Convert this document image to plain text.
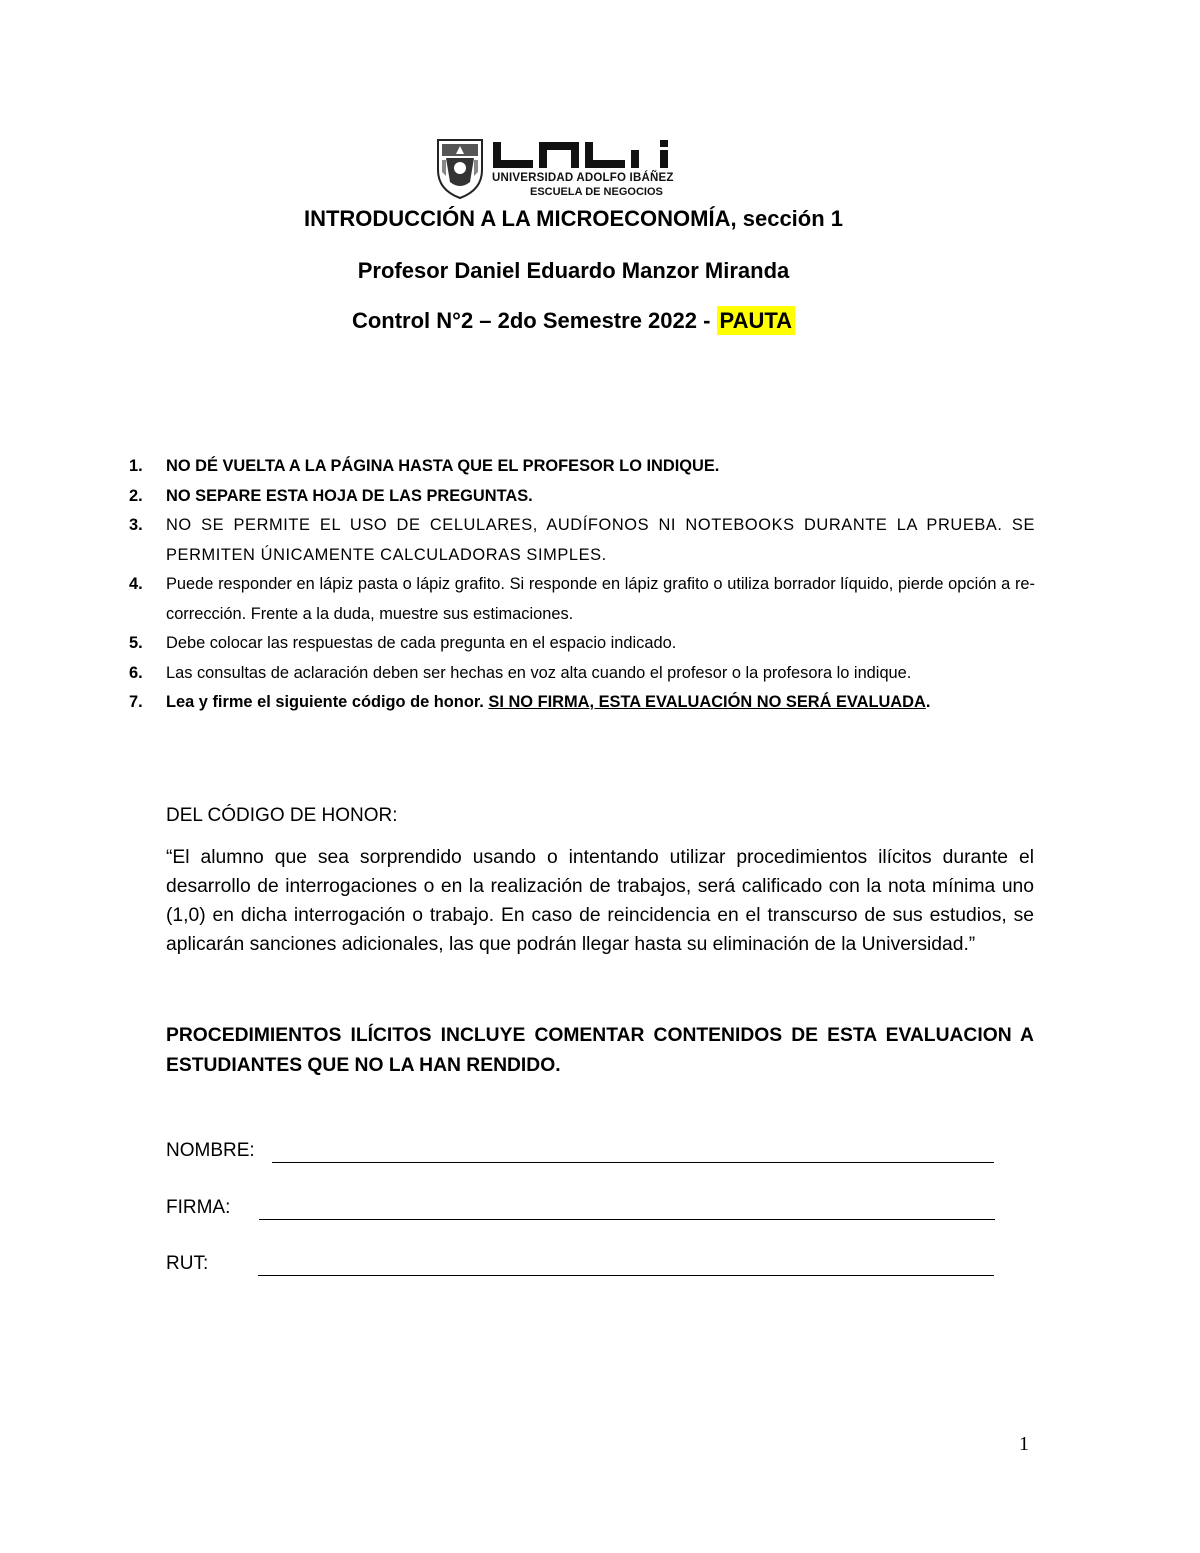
UNIVERSIDAD ADOLFO IBÁÑEZ
ESCUELA DE NEGOCIOS
INTRODUCCIÓN A LA MICROECONOMÍA, sección 1
Profesor Daniel Eduardo Manzor Miranda
Control N°2 – 2do Semestre 2022 - PAUTA
1.	NO DÉ VUELTA A LA PÁGINA HASTA QUE EL PROFESOR LO INDIQUE.
2.	NO SEPARE ESTA HOJA DE LAS PREGUNTAS.
3.	NO SE PERMITE EL USO DE CELULARES, AUDÍFONOS NI NOTEBOOKS DURANTE LA PRUEBA. SE PERMITEN ÚNICAMENTE CALCULADORAS SIMPLES.
4.	Puede responder en lápiz pasta o lápiz grafito. Si responde en lápiz grafito o utiliza borrador líquido, pierde opción a re-corrección. Frente a la duda, muestre sus estimaciones.
5.	Debe colocar las respuestas de cada pregunta en el espacio indicado.
6.	Las consultas de aclaración deben ser hechas en voz alta cuando el profesor o la profesora lo indique.
7.	Lea y firme el siguiente código de honor. SI NO FIRMA, ESTA EVALUACIÓN NO SERÁ EVALUADA.
DEL CÓDIGO DE HONOR:
“El alumno que sea sorprendido usando o intentando utilizar procedimientos ilícitos durante el desarrollo de interrogaciones o en la realización de trabajos, será calificado con la nota mínima uno (1,0) en dicha interrogación o trabajo. En caso de reincidencia en el transcurso de sus estudios, se aplicarán sanciones adicionales, las que podrán llegar hasta su eliminación de la Universidad.”
PROCEDIMIENTOS ILÍCITOS INCLUYE COMENTAR CONTENIDOS DE ESTA EVALUACION A ESTUDIANTES QUE NO LA HAN RENDIDO.
NOMBRE:
FIRMA:
RUT:
1
